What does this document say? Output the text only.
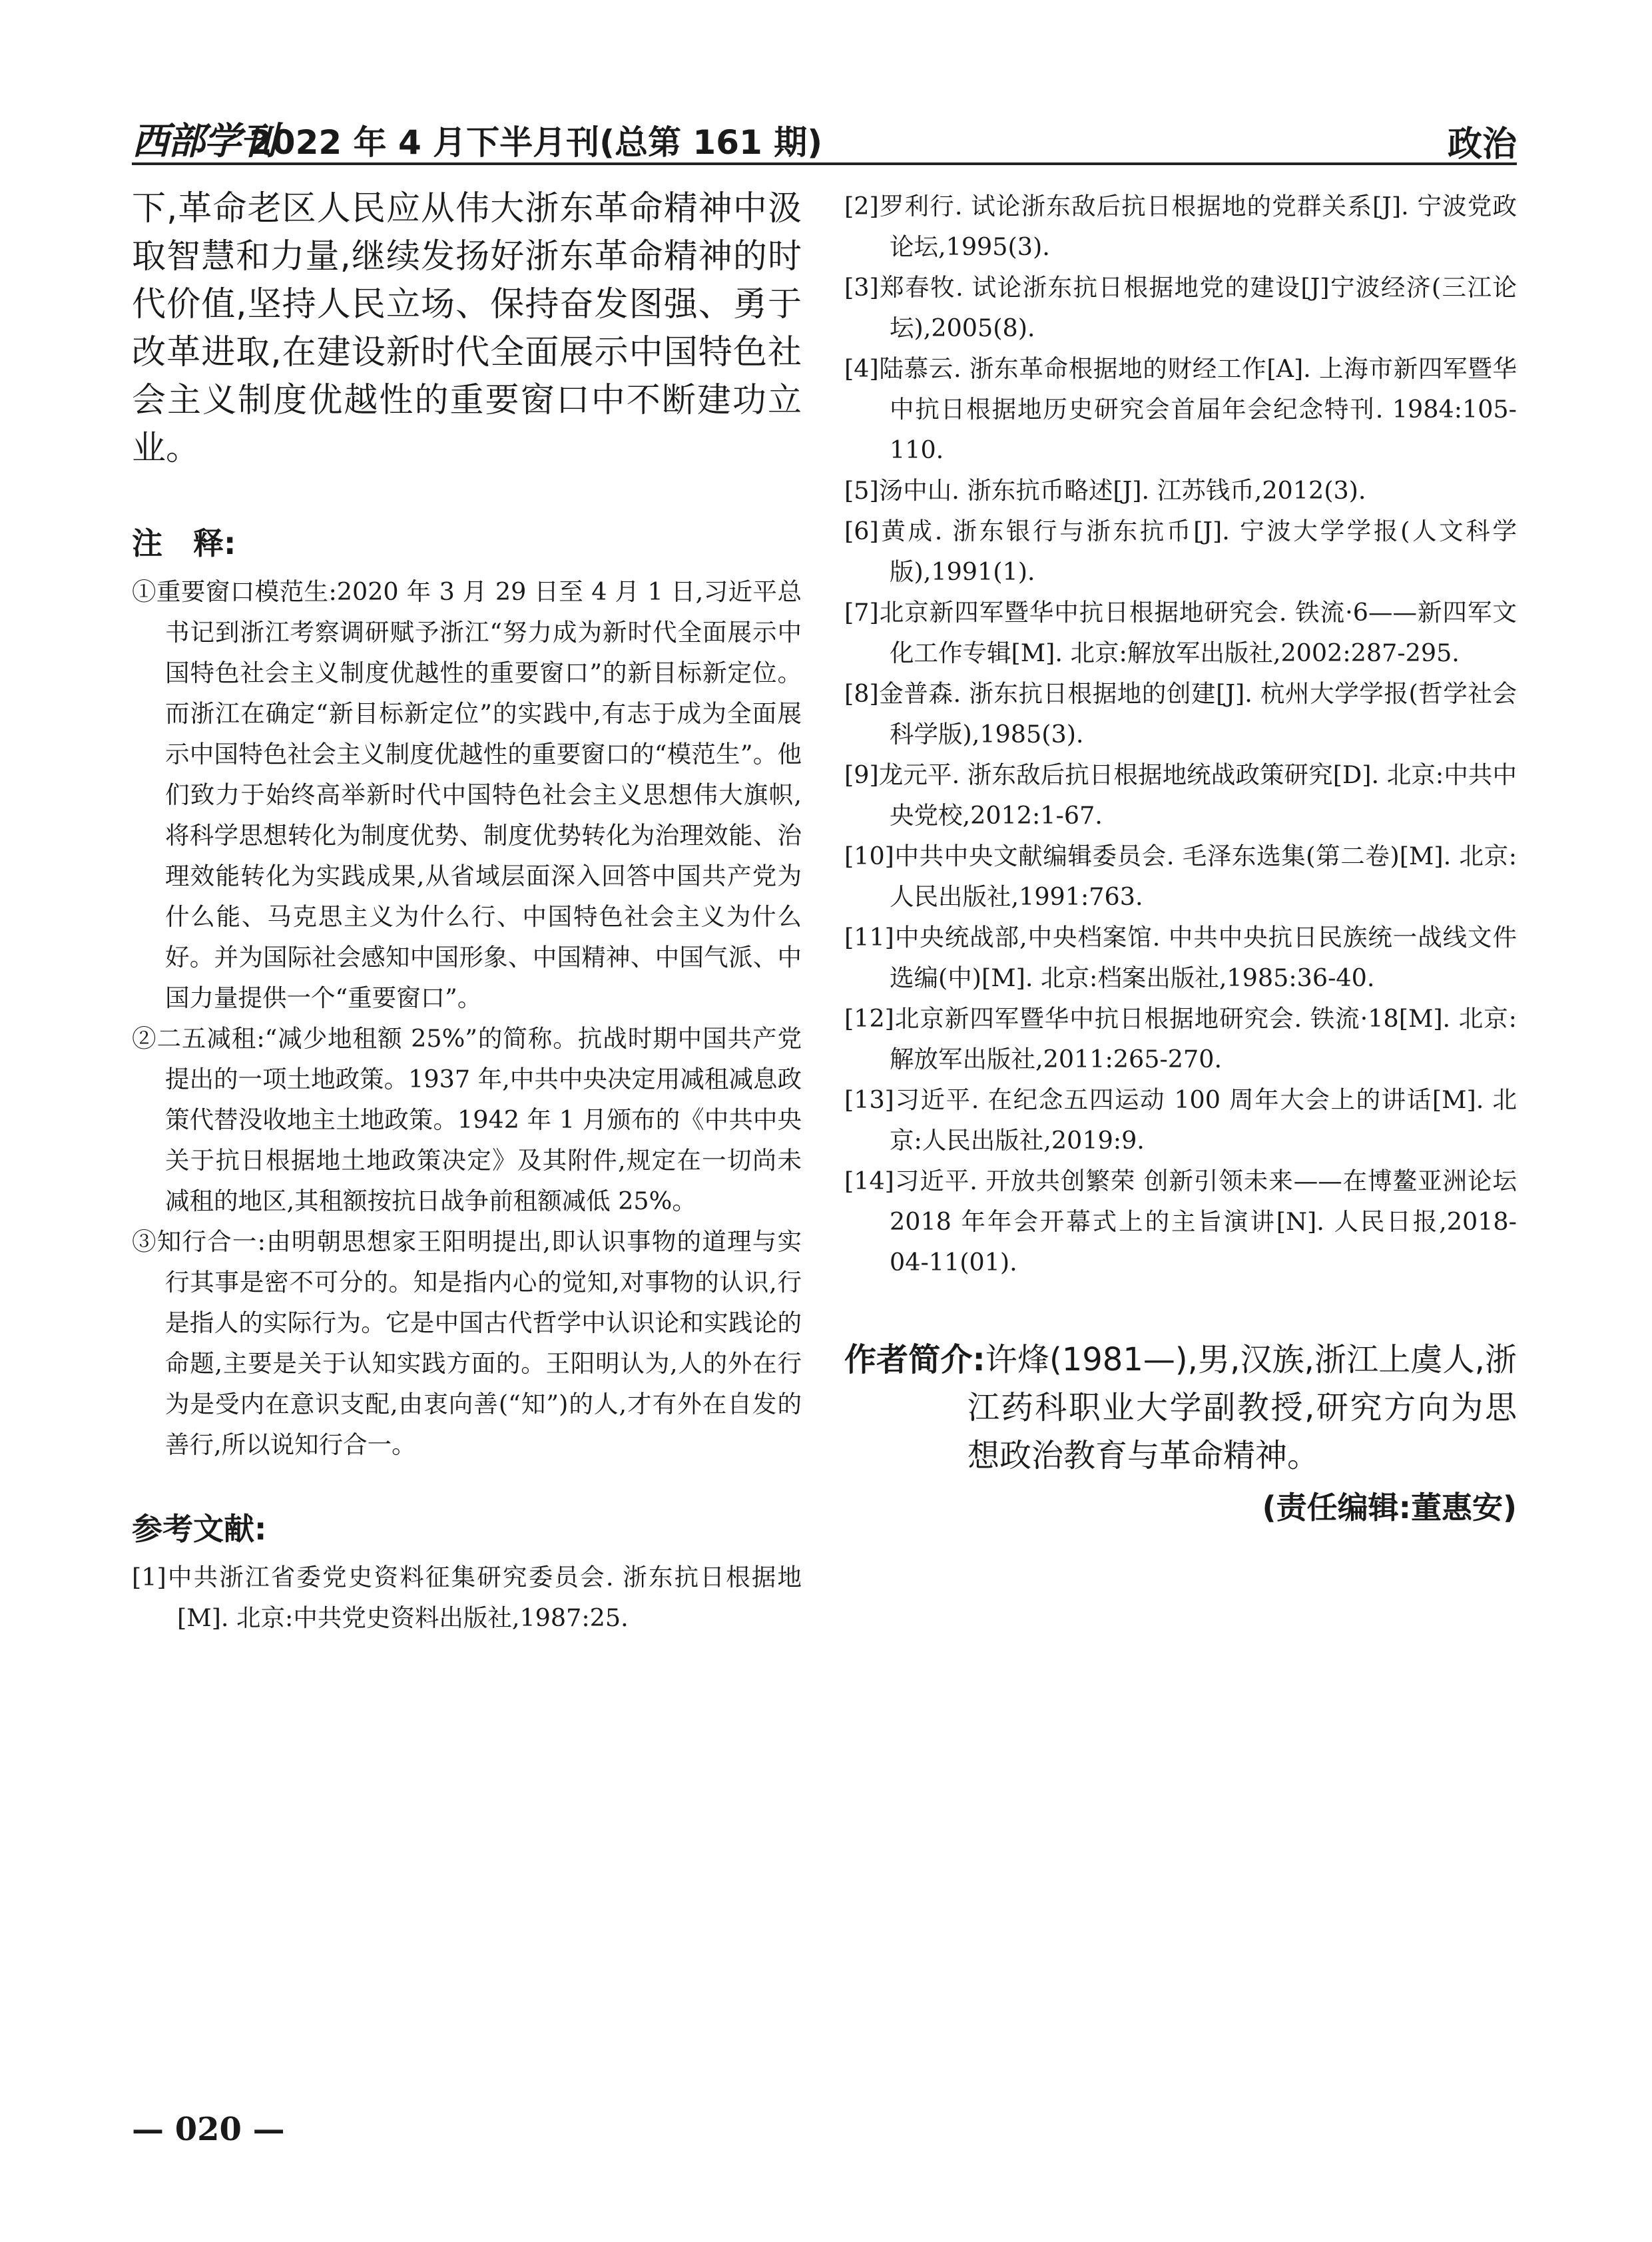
西部学刊
2022 年 4 月下半月刊(总第 161 期)	政治

下,革命老区人民应从伟大浙东革命精神中汲取智慧和力量,继续发扬好浙东革命精神的时代价值,坚持人民立场、保持奋发图强、勇于改革进取,在建设新时代全面展示中国特色社会主义制度优越性的重要窗口中不断建功立业。

注　释:

①重要窗口模范生:2020 年 3 月 29 日至 4 月 1 日,习近平总书记到浙江考察调研赋予浙江“努力成为新时代全面展示中国特色社会主义制度优越性的重要窗口”的新目标新定位。而浙江在确定“新目标新定位”的实践中,有志于成为全面展示中国特色社会主义制度优越性的重要窗口的“模范生”。他们致力于始终高举新时代中国特色社会主义思想伟大旗帜,将科学思想转化为制度优势、制度优势转化为治理效能、治理效能转化为实践成果,从省域层面深入回答中国共产党为什么能、马克思主义为什么行、中国特色社会主义为什么好。并为国际社会感知中国形象、中国精神、中国气派、中国力量提供一个“重要窗口”。

②二五减租:“减少地租额 25%”的简称。抗战时期中国共产党提出的一项土地政策。1937 年,中共中央决定用减租减息政策代替没收地主土地政策。1942 年 1 月颁布的《中共中央关于抗日根据地土地政策决定》及其附件,规定在一切尚未减租的地区,其租额按抗日战争前租额减低 25%。

③知行合一:由明朝思想家王阳明提出,即认识事物的道理与实行其事是密不可分的。知是指内心的觉知,对事物的认识,行是指人的实际行为。它是中国古代哲学中认识论和实践论的命题,主要是关于认知实践方面的。王阳明认为,人的外在行为是受内在意识支配,由衷向善(“知”)的人,才有外在自发的善行,所以说知行合一。

参考文献:

[1]中共浙江省委党史资料征集研究委员会. 浙东抗日根据地[M]. 北京:中共党史资料出版社,1987:25.

[2]罗利行. 试论浙东敌后抗日根据地的党群关系[J]. 宁波党政论坛,1995(3).

[3]郑春牧. 试论浙东抗日根据地党的建设[J]宁波经济(三江论坛),2005(8).

[4]陆慕云. 浙东革命根据地的财经工作[A]. 上海市新四军暨华中抗日根据地历史研究会首届年会纪念特刊. 1984:105-110.

[5]汤中山. 浙东抗币略述[J]. 江苏钱币,2012(3).

[6]黄成. 浙东银行与浙东抗币[J]. 宁波大学学报(人文科学版),1991(1).

[7]北京新四军暨华中抗日根据地研究会. 铁流·6——新四军文化工作专辑[M]. 北京:解放军出版社,2002:287-295.

[8]金普森. 浙东抗日根据地的创建[J]. 杭州大学学报(哲学社会科学版),1985(3).

[9]龙元平. 浙东敌后抗日根据地统战政策研究[D]. 北京:中共中央党校,2012:1-67.

[10]中共中央文献编辑委员会. 毛泽东选集(第二卷)[M]. 北京:人民出版社,1991:763.

[11]中央统战部,中央档案馆. 中共中央抗日民族统一战线文件选编(中)[M]. 北京:档案出版社,1985:36-40.

[12]北京新四军暨华中抗日根据地研究会. 铁流·18[M]. 北京:解放军出版社,2011:265-270.

[13]习近平. 在纪念五四运动 100 周年大会上的讲话[M]. 北京:人民出版社,2019:9.

[14]习近平. 开放共创繁荣 创新引领未来——在博鳌亚洲论坛 2018 年年会开幕式上的主旨演讲[N]. 人民日报,2018-04-11(01).

作者简介:许烽(1981—),男,汉族,浙江上虞人,浙江药科职业大学副教授,研究方向为思想政治教育与革命精神。

(责任编辑:董惠安)

— 020 —
